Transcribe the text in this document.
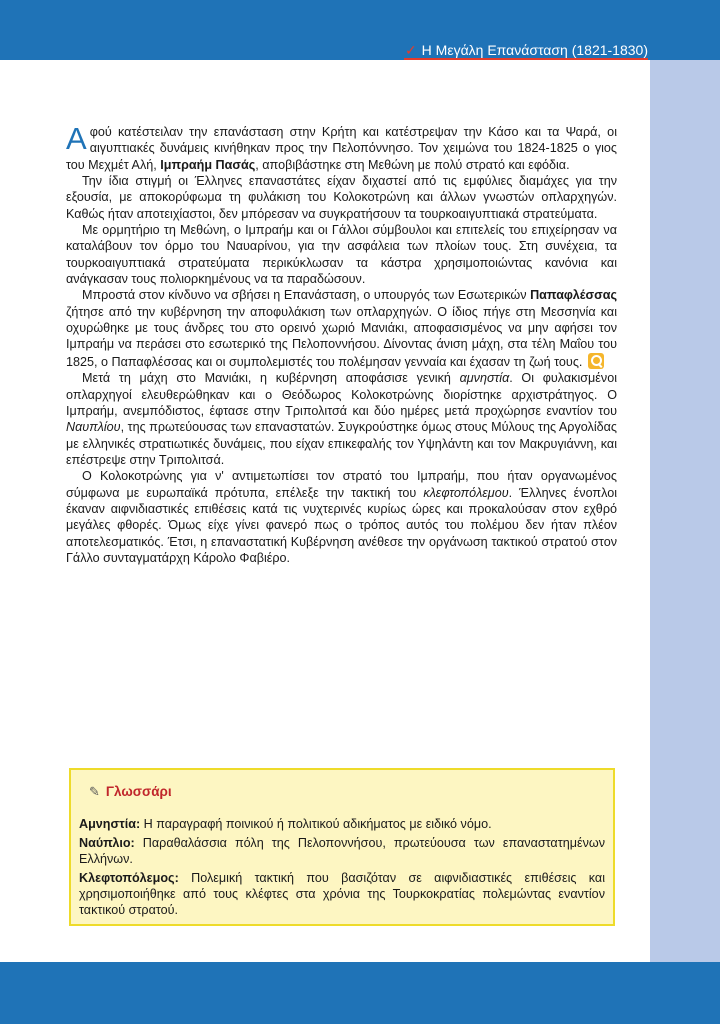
✓ Η Μεγάλη Επανάσταση (1821-1830)

Αφού κατέστειλαν την επανάσταση στην Κρήτη και κατέστρεψαν την Κάσο και τα Ψαρά, οι αιγυπτιακές δυνάμεις κινήθηκαν προς την Πελοπόννησο. Τον χειμώνα του 1824-1825 ο γιος του Μεχμέτ Αλή, Ιμπραήμ Πασάς, αποβιβάστηκε στη Μεθώνη με πολύ στρατό και εφόδια.

Την ίδια στιγμή οι Έλληνες επαναστάτες είχαν διχαστεί από τις εμφύλιες διαμάχες για την εξουσία, με αποκορύφωμα τη φυλάκιση του Κολοκοτρώνη και άλλων γνωστών οπλαρχηγών. Καθώς ήταν αποτειχίαστοι, δεν μπόρεσαν να συγκρατήσουν τα τουρκοαιγυπτιακά στρατεύματα.

Με ορμητήριο τη Μεθώνη, ο Ιμπραήμ και οι Γάλλοι σύμβουλοι και επιτελείς του επιχείρησαν να καταλάβουν τον όρμο του Ναυαρίνου, για την ασφάλεια των πλοίων τους. Στη συνέχεια, τα τουρκοαιγυπτιακά στρατεύματα περικύκλωσαν τα κάστρα χρησιμοποιώντας κανόνια και ανάγκασαν τους πολιορκημένους να τα παραδώσουν.

Μπροστά στον κίνδυνο να σβήσει η Επανάσταση, ο υπουργός των Εσωτερικών Παπαφλέσσας ζήτησε από την κυβέρνηση την αποφυλάκιση των οπλαρχηγών. Ο ίδιος πήγε στη Μεσσηνία και οχυρώθηκε με τους άνδρες του στο ορεινό χωριό Μανιάκι, αποφασισμένος να μην αφήσει τον Ιμπραήμ να περάσει στο εσωτερικό της Πελοποννήσου. Δίνοντας άνιση μάχη, στα τέλη Μαΐου του 1825, ο Παπαφλέσσας και οι συμπολεμιστές του πολέμησαν γενναία και έχασαν τη ζωή τους.

Μετά τη μάχη στο Μανιάκι, η κυβέρνηση αποφάσισε γενική αμνηστία. Οι φυλακισμένοι οπλαρχηγοί ελευθερώθηκαν και ο Θεόδωρος Κολοκοτρώνης διορίστηκε αρχιστράτηγος. Ο Ιμπραήμ, ανεμπόδιστος, έφτασε στην Τριπολιτσά και δύο ημέρες μετά προχώρησε εναντίον του Ναυπλίου, της πρωτεύουσας των επαναστατών. Συγκρούστηκε όμως στους Μύλους της Αργολίδας με ελληνικές στρατιωτικές δυνάμεις, που είχαν επικεφαλής τον Υψηλάντη και τον Μακρυγιάννη, και επέστρεψε στην Τριπολιτσά.

Ο Κολοκοτρώνης για ν' αντιμετωπίσει τον στρατό του Ιμπραήμ, που ήταν οργανωμένος σύμφωνα με ευρωπαϊκά πρότυπα, επέλεξε την τακτική του κλεφτοπόλεμου. Έλληνες ένοπλοι έκαναν αιφνιδιαστικές επιθέσεις κατά τις νυχτερινές κυρίως ώρες και προκαλούσαν στον εχθρό μεγάλες φθορές. Όμως είχε γίνει φανερό πως ο τρόπος αυτός του πολέμου δεν ήταν πλέον αποτελεσματικός. Έτσι, η επαναστατική Κυβέρνηση ανέθεσε την οργάνωση τακτικού στρατού στον Γάλλο συνταγματάρχη Κάρολο Φαβιέρο.

✎ Γλωσσάρι

Αμνηστία: Η παραγραφή ποινικού ή πολιτικού αδικήματος με ειδικό νόμο.

Ναύπλιο: Παραθαλάσσια πόλη της Πελοποννήσου, πρωτεύουσα των επαναστατημένων Ελλήνων.

Κλεφτοπόλεμος: Πολεμική τακτική που βασιζόταν σε αιφνιδιαστικές επιθέσεις και χρησιμοποιήθηκε από τους κλέφτες στα χρόνια της Τουρκοκρατίας πολεμώντας εναντίον τακτικού στρατού.
